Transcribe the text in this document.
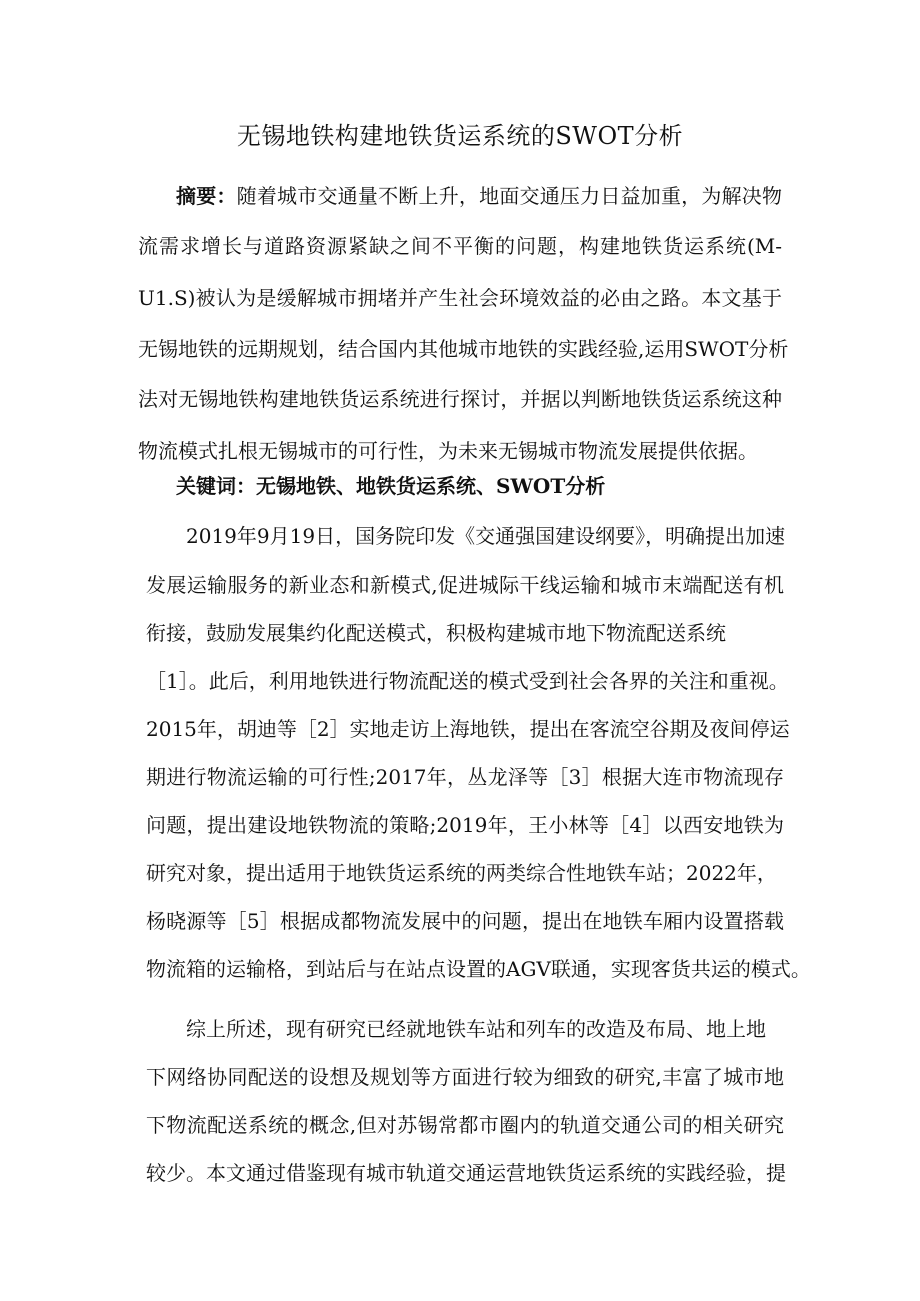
无锡地铁构建地铁货运系统的SWOT分析
摘要：随着城市交通量不断上升，地面交通压力日益加重，为解决物
流需求增长与道路资源紧缺之间不平衡的问题，构建地铁货运系统(M-
U1.S)被认为是缓解城市拥堵并产生社会环境效益的必由之路。本文基于
无锡地铁的远期规划，结合国内其他城市地铁的实践经验,运用SWOT分析
法对无锡地铁构建地铁货运系统进行探讨，并据以判断地铁货运系统这种
物流模式扎根无锡城市的可行性，为未来无锡城市物流发展提供依据。
关键词：无锡地铁、地铁货运系统、SWOT分析
2019年9月19日，国务院印发《交通强国建设纲要》，明确提出加速
发展运输服务的新业态和新模式,促进城际干线运输和城市末端配送有机
衔接，鼓励发展集约化配送模式，积极构建城市地下物流配送系统
［1］。此后，利用地铁进行物流配送的模式受到社会各界的关注和重视。
2015年，胡迪等［2］实地走访上海地铁，提出在客流空谷期及夜间停运
期进行物流运输的可行性;2017年，丛龙泽等［3］根据大连市物流现存
问题，提出建设地铁物流的策略;2019年，王小林等［4］以西安地铁为
研究对象，提出适用于地铁货运系统的两类综合性地铁车站；2022年，
杨晓源等［5］根据成都物流发展中的问题，提出在地铁车厢内设置搭载
物流箱的运输格，到站后与在站点设置的AGV联通，实现客货共运的模式。
综上所述，现有研究已经就地铁车站和列车的改造及布局、地上地
下网络协同配送的设想及规划等方面进行较为细致的研究,丰富了城市地
下物流配送系统的概念,但对苏锡常都市圈内的轨道交通公司的相关研究
较少。本文通过借鉴现有城市轨道交通运营地铁货运系统的实践经验，提
